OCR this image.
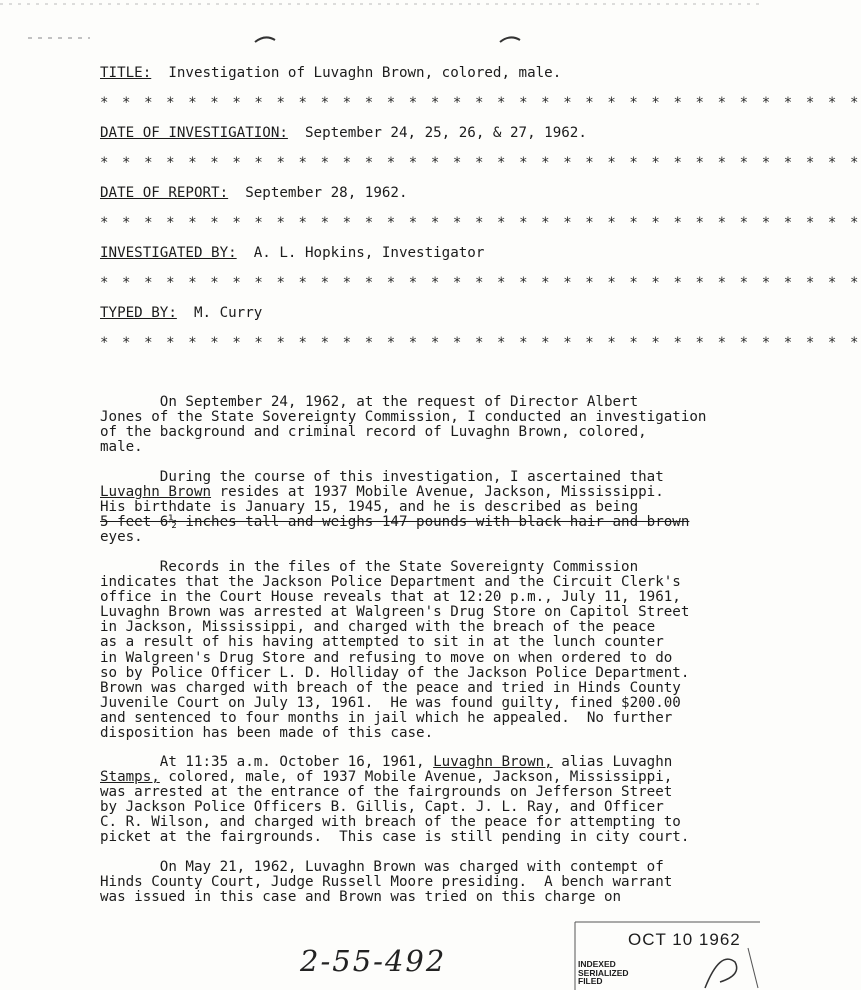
TITLE: Investigation of Luvaghn Brown, colored, male.
* * * * * * * * * * * * * * * * * * * * * * * * * * * * * * * * * * *
DATE OF INVESTIGATION: September 24, 25, 26, & 27, 1962.
* * * * * * * * * * * * * * * * * * * * * * * * * * * * * * * * * * *
DATE OF REPORT: September 28, 1962.
* * * * * * * * * * * * * * * * * * * * * * * * * * * * * * * * * * *
INVESTIGATED BY: A. L. Hopkins, Investigator
* * * * * * * * * * * * * * * * * * * * * * * * * * * * * * * * * * *
TYPED BY: M. Curry
* * * * * * * * * * * * * * * * * * * * * * * * * * * * * * * * * * *
On September 24, 1962, at the request of Director Albert
Jones of the State Sovereignty Commission, I conducted an investigation
of the background and criminal record of Luvaghn Brown, colored,
male.
During the course of this investigation, I ascertained that
Luvaghn Brown resides at 1937 Mobile Avenue, Jackson, Mississippi.
His birthdate is January 15, 1945, and he is described as being
5 feet 6½ inches tall and weighs 147 pounds with black hair and brown
eyes.
Records in the files of the State Sovereignty Commission
indicates that the Jackson Police Department and the Circuit Clerk's
office in the Court House reveals that at 12:20 p.m., July 11, 1961,
Luvaghn Brown was arrested at Walgreen's Drug Store on Capitol Street
in Jackson, Mississippi, and charged with the breach of the peace
as a result of his having attempted to sit in at the lunch counter
in Walgreen's Drug Store and refusing to move on when ordered to do
so by Police Officer L. D. Holliday of the Jackson Police Department.
Brown was charged with breach of the peace and tried in Hinds County
Juvenile Court on July 13, 1961.  He was found guilty, fined $200.00
and sentenced to four months in jail which he appealed.  No further
disposition has been made of this case.
At 11:35 a.m. October 16, 1961, Luvaghn Brown, alias Luvaghn
Stamps, colored, male, of 1937 Mobile Avenue, Jackson, Mississippi,
was arrested at the entrance of the fairgrounds on Jefferson Street
by Jackson Police Officers B. Gillis, Capt. J. L. Ray, and Officer
C. R. Wilson, and charged with breach of the peace for attempting to
picket at the fairgrounds.  This case is still pending in city court.
On May 21, 1962, Luvaghn Brown was charged with contempt of
Hinds County Court, Judge Russell Moore presiding.  A bench warrant
was issued in this case and Brown was tried on this charge on
2-55-492
OCT 10 1962
INDEXED
SERIALIZED
FILED
